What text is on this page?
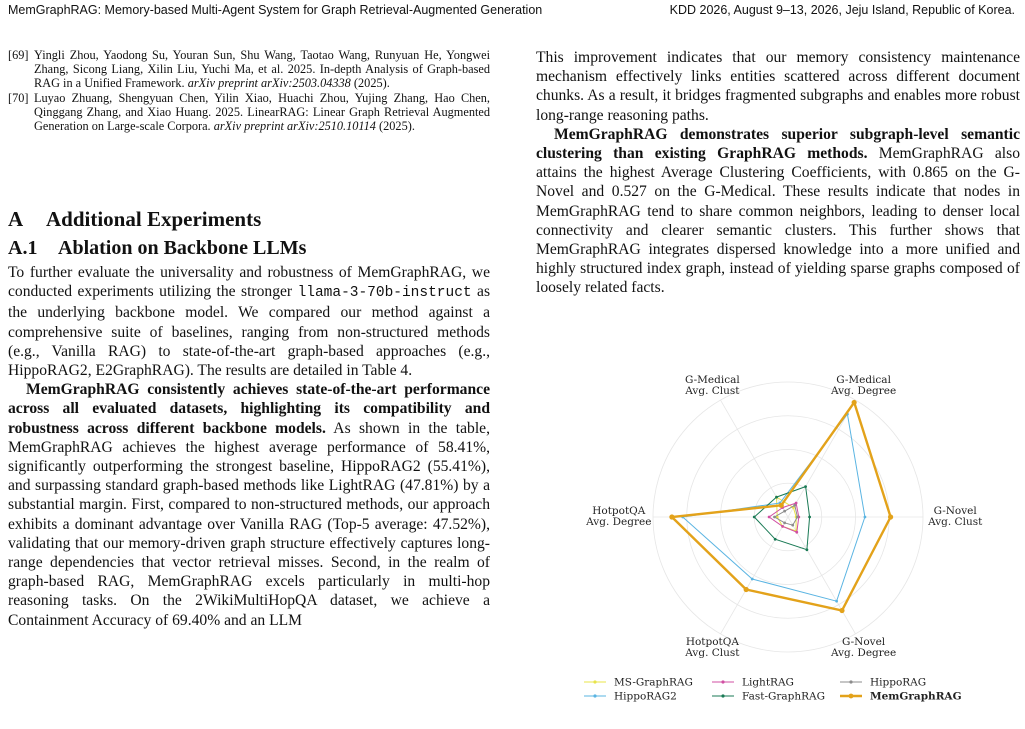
MemGraphRAG: Memory-based Multi-Agent System for Graph Retrieval-Augmented Generation	KDD 2026, August 9–13, 2026, Jeju Island, Republic of Korea.
[69] Yingli Zhou, Yaodong Su, Youran Sun, Shu Wang, Taotao Wang, Runyuan He, Yongwei Zhang, Sicong Liang, Xilin Liu, Yuchi Ma, et al. 2025. In-depth Analysis of Graph-based RAG in a Unified Framework. arXiv preprint arXiv:2503.04338 (2025).
[70] Luyao Zhuang, Shengyuan Chen, Yilin Xiao, Huachi Zhou, Yujing Zhang, Hao Chen, Qinggang Zhang, and Xiao Huang. 2025. LinearRAG: Linear Graph Retrieval Augmented Generation on Large-scale Corpora. arXiv preprint arXiv:2510.10114 (2025).
A Additional Experiments
A.1 Ablation on Backbone LLMs

To further evaluate the universality and robustness of MemGraphRAG, we conducted experiments utilizing the stronger llama-3-70b-instruct as the underlying backbone model. We compared our method against a comprehensive suite of baselines, ranging from non-structured methods (e.g., Vanilla RAG) to state-of-the-art graph-based approaches (e.g., HippoRAG2, E2GraphRAG). The results are detailed in Table 4.

MemGraphRAG consistently achieves state-of-the-art performance across all evaluated datasets, highlighting its compatibility and robustness across different backbone models. As shown in the table, MemGraphRAG achieves the highest average performance of 58.41%, significantly outperforming the strongest baseline, HippoRAG2 (55.41%), and surpassing standard graph-based methods like LightRAG (47.81%) by a substantial margin. First, compared to non-structured methods, our approach exhibits a dominant advantage over Vanilla RAG (Top-5 average: 47.52%), validating that our memory-driven graph structure effectively captures long-range dependencies that vector retrieval misses. Second, in the realm of graph-based RAG, MemGraphRAG excels particularly in multi-hop reasoning tasks. On the 2WikiMultiHopQA dataset, we achieve a Containment Accuracy of 69.40% and an LLM

This improvement indicates that our memory consistency maintenance mechanism effectively links entities scattered across different document chunks. As a result, it bridges fragmented subgraphs and enables more robust long-range reasoning paths.

MemGraphRAG demonstrates superior subgraph-level semantic clustering than existing GraphRAG methods. MemGraphRAG also attains the highest Average Clustering Coefficients, with 0.865 on the G-Novel and 0.527 on the G-Medical. These results indicate that nodes in MemGraphRAG tend to share common neighbors, leading to denser local connectivity and clearer semantic clusters. This further shows that MemGraphRAG integrates dispersed knowledge into a more unified and highly structured index graph, instead of yielding sparse graphs composed of loosely related facts.

G-Medical Avg. Degree
G-Novel Avg. Clust
G-Novel Avg. Degree
HotpotQA Avg. Clust
HotpotQA Avg. Degree
G-Medical Avg. Clust
MS-GraphRAG	LightRAG	HippoRAG
HippoRAG2	Fast-GraphRAG	MemGraphRAG
